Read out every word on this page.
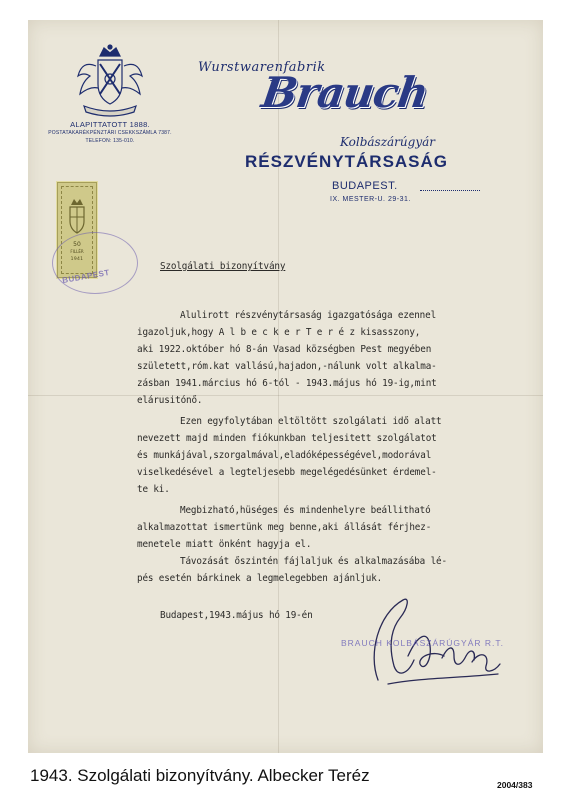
ALAPITTATOTT 1888.
POSTATAKARÉKPÉNZTÁRI CSEKKSZÁMLA 7387.
TELEFON: 135-010.
Wurstwarenfabrik
Brauch
Kolbászárúgyár
RÉSZVÉNYTÁRSASÁG
BUDAPEST.
IX. MESTER-U. 29-31.
50
FILLÉR
1941
BUDAPEST
Szolgálati bizonyítvány
Alulirott részvénytársaság igazgatósága ezennel
igazoljuk,hogy A l b e c k e r T e r é z kisasszony,
aki 1922.október hó 8-án Vasad községben Pest megyében
született,róm.kat vallású,hajadon,-nálunk volt alkalma-
zásban 1941.március hó 6-tól - 1943.május hó 19-ig,mint
elárusitónő.
Ezen egyfolytában eltöltött szolgálati idő alatt
nevezett majd minden fiókunkban teljesitett szolgálatot
és munkájával,szorgalmával,eladóképességével,modorával
viselkedésével a legteljesebb megelégedésünket érdemel-
te ki.
Megbizható,hüséges és mindenhelyre beállitható
alkalmazottat ismertünk meg benne,aki állását férjhez-
menetele miatt önként hagyja el.
Távozását őszintén fájlaljuk és alkalmazásába lé-
pés esetén bárkinek a legmelegebben ajánljuk.
Budapest,1943.május hó 19-én
BRAUCH KOLBÁSZÁRÚGYÁR R.T.
1943. Szolgálati bizonyítvány. Albecker Teréz	2004/383
